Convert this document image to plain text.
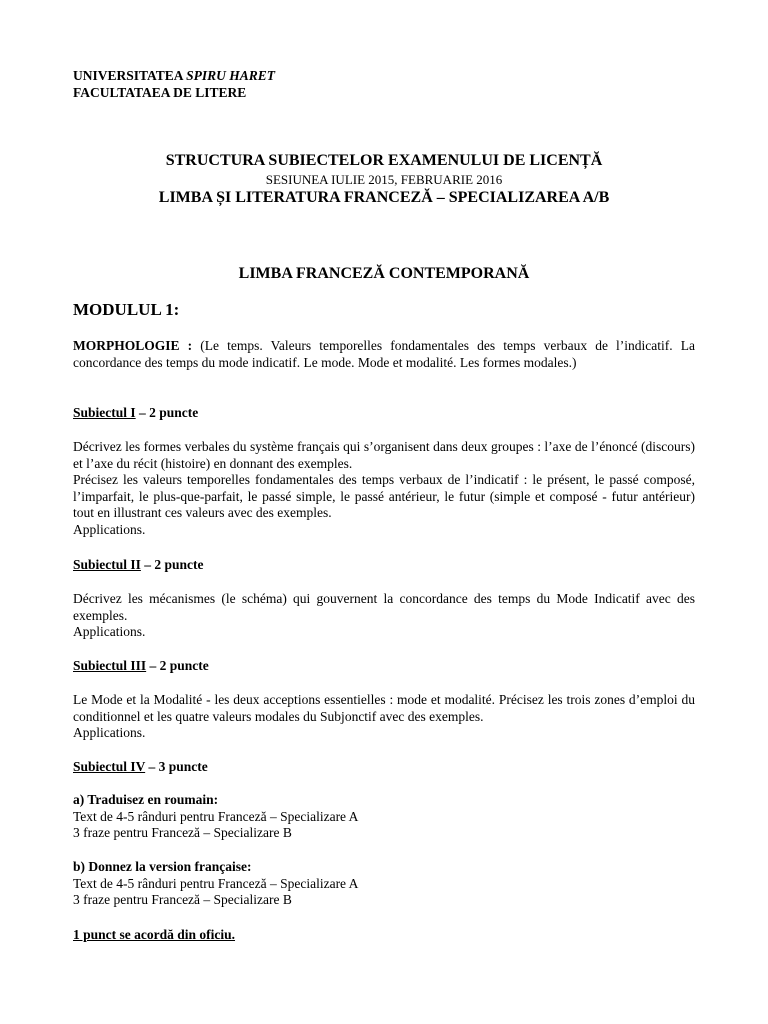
UNIVERSITATEA SPIRU HARET
FACULTATAEA DE LITERE
STRUCTURA SUBIECTELOR EXAMENULUI DE LICENȚĂ
SESIUNEA IULIE 2015, FEBRUARIE 2016
LIMBA ȘI LITERATURA FRANCEZĂ – SPECIALIZAREA A/B
LIMBA FRANCEZĂ CONTEMPORANĂ
MODULUL 1:
MORPHOLOGIE : (Le temps. Valeurs temporelles fondamentales des temps verbaux de l’indicatif. La concordance des temps du mode indicatif. Le mode. Mode et modalité. Les formes modales.)
Subiectul I – 2 puncte

Décrivez les formes verbales du système français qui s’organisent dans deux groupes : l’axe de l’énoncé (discours) et l’axe du récit (histoire) en donnant des exemples.

Précisez les valeurs temporelles fondamentales des temps verbaux de l’indicatif : le présent, le passé composé, l’imparfait, le plus-que-parfait, le passé simple, le passé antérieur, le futur (simple et composé - futur antérieur) tout en illustrant ces valeurs avec des exemples.

Applications.

Subiectul II – 2 puncte

Décrivez les mécanismes (le schéma) qui gouvernent la concordance des temps du Mode Indicatif avec des exemples.

Applications.

Subiectul III – 2 puncte

Le Mode et la Modalité - les deux acceptions essentielles : mode et modalité. Précisez les trois zones d’emploi du conditionnel et les quatre valeurs modales du Subjonctif avec des exemples.

Applications.

Subiectul IV – 3 puncte
a) Traduisez en roumain:
Text de 4-5 rânduri pentru Franceză – Specializare A
3 fraze pentru Franceză – Specializare B
b) Donnez la version française:
Text de 4-5 rânduri pentru Franceză – Specializare A
3 fraze pentru Franceză – Specializare B
1 punct se acordă din oficiu.
